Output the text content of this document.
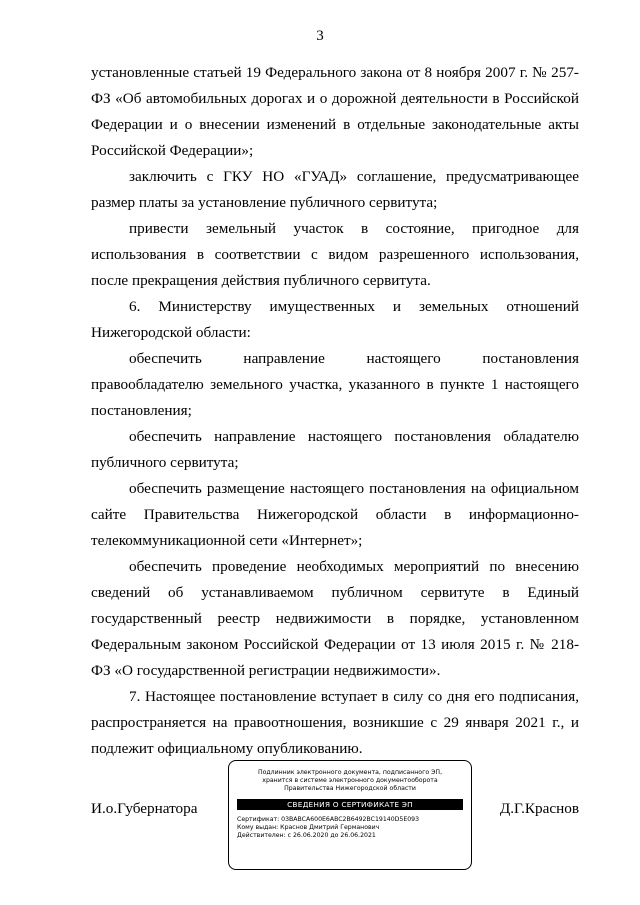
3

установленные статьей 19 Федерального закона от 8 ноября 2007 г. № 257-ФЗ «Об автомобильных дорогах и о дорожной деятельности в Российской Федерации и о внесении изменений в отдельные законодательные акты Российской Федерации»;

заключить с ГКУ НО «ГУАД» соглашение, предусматривающее размер платы за установление публичного сервитута;

привести земельный участок в состояние, пригодное для использования в соответствии с видом разрешенного использования, после прекращения действия публичного сервитута.

6. Министерству имущественных и земельных отношений Нижегородской области:

обеспечить направление настоящего постановления правообладателю земельного участка, указанного в пункте 1 настоящего постановления;

обеспечить направление настоящего постановления обладателю публичного сервитута;

обеспечить размещение настоящего постановления на официальном сайте Правительства Нижегородской области в информационно-телекоммуникационной сети «Интернет»;

обеспечить проведение необходимых мероприятий по внесению сведений об устанавливаемом публичном сервитуте в Единый государственный реестр недвижимости в порядке, установленном Федеральным законом Российской Федерации от 13 июля 2015 г. № 218-ФЗ «О государственной регистрации недвижимости».

7. Настоящее постановление вступает в силу со дня его подписания, распространяется на правоотношения, возникшие с 29 января 2021 г., и подлежит официальному опубликованию.

И.о.Губернатора	Д.Г.Краснов
Подлинник электронного документа, подписанного ЭП,
хранится в системе электронного документооборота
Правительства Нижегородской области
СВЕДЕНИЯ О СЕРТИФИКАТЕ ЭП
Сертификат: 03BABCA600E6ABC2B6492BC19140D5E093
Кому выдан: Краснов Дмитрий Германович
Действителен: с 26.06.2020 до 26.06.2021
